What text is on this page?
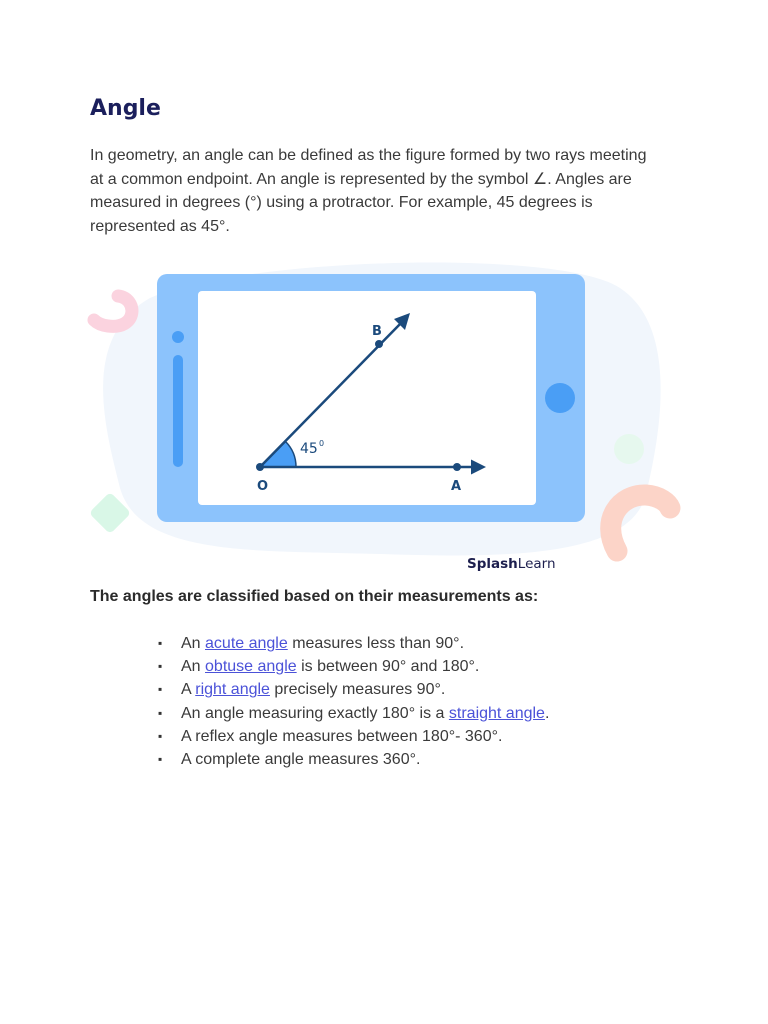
Angle

In geometry, an angle can be defined as the figure formed by two rays meeting at a common endpoint. An angle is represented by the symbol ∠. Angles are measured in degrees (°) using a protractor. For example, 45 degrees is represented as 45°.

B
O	A
45 0
SplashLearn
The angles are classified based on their measurements as:
▪ An acute angle measures less than 90°.
▪ An obtuse angle is between 90° and 180°.
▪ A right angle precisely measures 90°.
▪ An angle measuring exactly 180° is a straight angle.
▪ A reflex angle measures between 180°- 360°.
▪ A complete angle measures 360°.
